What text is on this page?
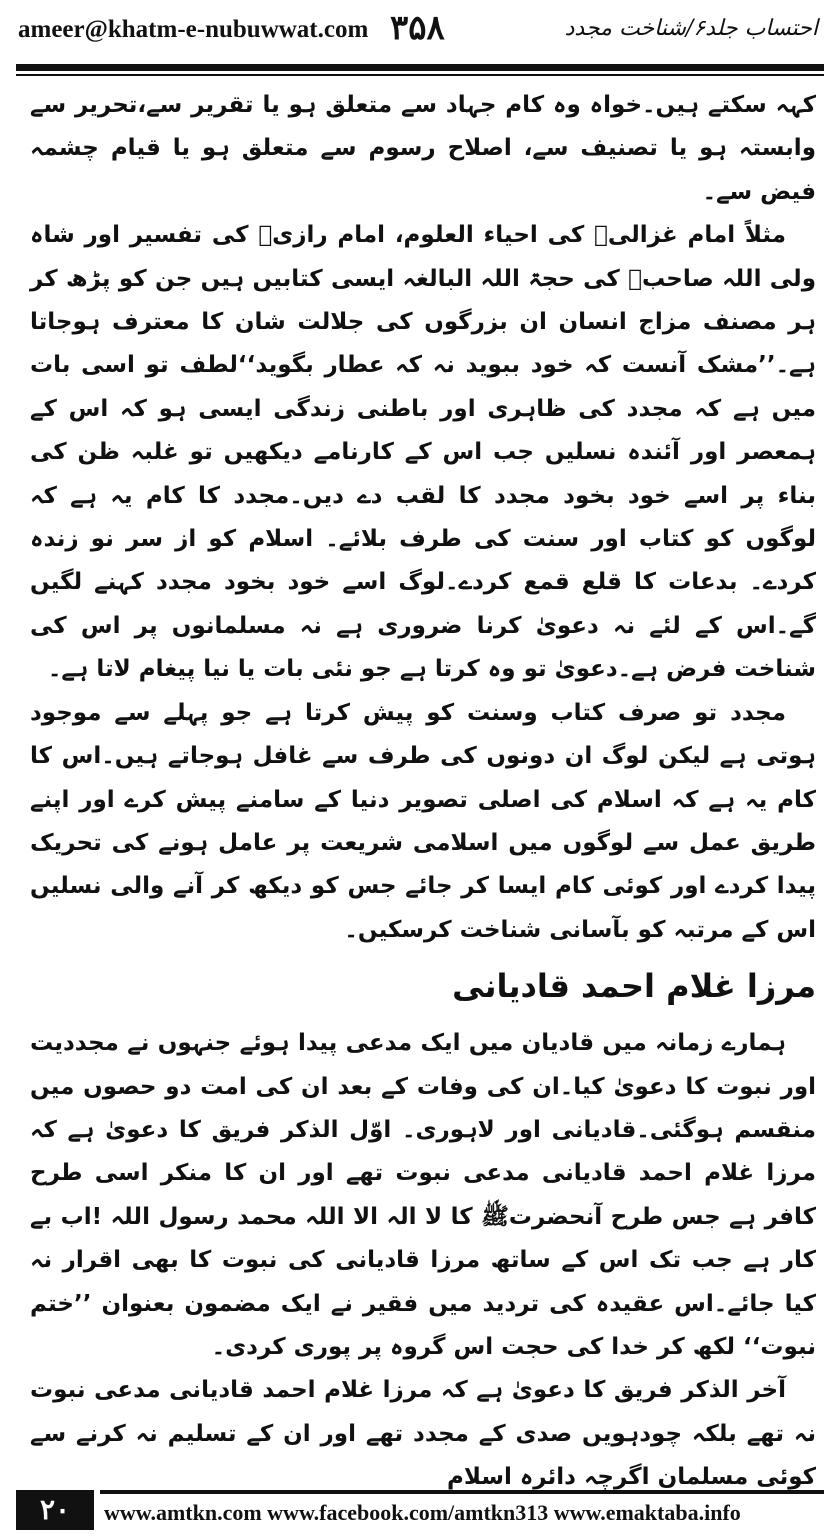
ameer@khatm-e-nubuwwat.com ۳۵۸	احتساب جلد۶/شناخت مجدد

کہہ سکتے ہیں۔خواہ وہ کام جہاد سے متعلق ہو یا تقریر سے،تحریر سے وابستہ ہو یا تصنیف سے، اصلاح رسوم سے متعلق ہو یا قیام چشمہ فیض سے۔

مثلاً امام غزالیؒ کی احیاء العلوم، امام رازیؒ کی تفسیر اور شاہ ولی اللہ صاحبؒ کی حجۃ اللہ البالغہ ایسی کتابیں ہیں جن کو پڑھ کر ہر مصنف مزاج انسان ان بزرگوں کی جلالت شان کا معترف ہوجاتا ہے۔’’مشک آنست کہ خود ببوید نہ کہ عطار بگوید‘‘لطف تو اسی بات میں ہے کہ مجدد کی ظاہری اور باطنی زندگی ایسی ہو کہ اس کے ہمعصر اور آئندہ نسلیں جب اس کے کارنامے دیکھیں تو غلبہ ظن کی بناء پر اسے خود بخود مجدد کا لقب دے دیں۔مجدد کا کام یہ ہے کہ لوگوں کو کتاب اور سنت کی طرف بلائے۔ اسلام کو از سر نو زندہ کردے۔ بدعات کا قلع قمع کردے۔لوگ اسے خود بخود مجدد کہنے لگیں گے۔اس کے لئے نہ دعویٰ کرنا ضروری ہے نہ مسلمانوں پر اس کی شناخت فرض ہے۔دعویٰ تو وہ کرتا ہے جو نئی بات یا نیا پیغام لاتا ہے۔

مجدد تو صرف کتاب وسنت کو پیش کرتا ہے جو پہلے سے موجود ہوتی ہے لیکن لوگ ان دونوں کی طرف سے غافل ہوجاتے ہیں۔اس کا کام یہ ہے کہ اسلام کی اصلی تصویر دنیا کے سامنے پیش کرے اور اپنے طریق عمل سے لوگوں میں اسلامی شریعت پر عامل ہونے کی تحریک پیدا کردے اور کوئی کام ایسا کر جائے جس کو دیکھ کر آنے والی نسلیں اس کے مرتبہ کو بآسانی شناخت کرسکیں۔

مرزا غلام احمد قادیانی

ہمارے زمانہ میں قادیان میں ایک مدعی پیدا ہوئے جنہوں نے مجددیت اور نبوت کا دعویٰ کیا۔ان کی وفات کے بعد ان کی امت دو حصوں میں منقسم ہوگئی۔قادیانی اور لاہوری۔ اوّل الذکر فریق کا دعویٰ ہے کہ مرزا غلام احمد قادیانی مدعی نبوت تھے اور ان کا منکر اسی طرح کافر ہے جس طرح آنحضرتﷺ کا لا الہ الا اللہ محمد رسول اللہ !اب بے کار ہے جب تک اس کے ساتھ مرزا قادیانی کی نبوت کا بھی اقرار نہ کیا جائے۔اس عقیدہ کی تردید میں فقیر نے ایک مضمون بعنوان ’’ختم نبوت‘‘ لکھ کر خدا کی حجت اس گروہ پر پوری کردی۔

آخر الذکر فریق کا دعویٰ ہے کہ مرزا غلام احمد قادیانی مدعی نبوت نہ تھے بلکہ چودہویں صدی کے مجدد تھے اور ان کے تسلیم نہ کرنے سے کوئی مسلمان اگرچہ دائرہ اسلام

۲۰	www.amtkn.com www.facebook.com/amtkn313 www.emaktaba.info
